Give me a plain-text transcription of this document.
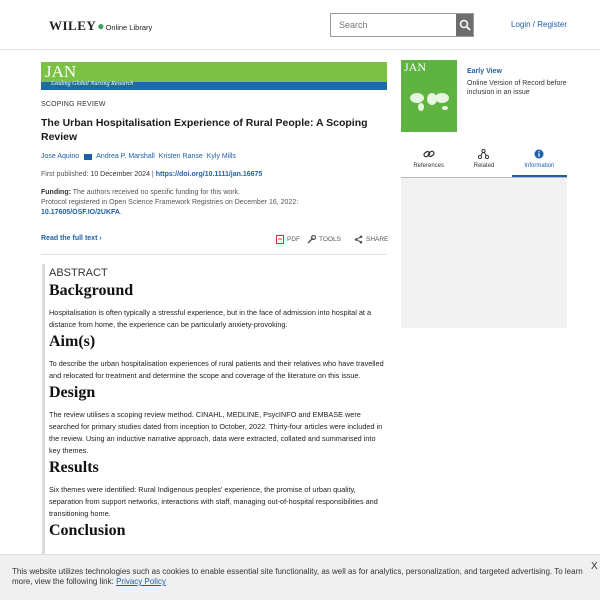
WILEY ● Online Library
Search	Login / Register
JAN
Leading Global Nursing Research
SCOPING REVIEW
The Urban Hospitalisation Experience of Rural People: A Scoping Review
Jose Aquino Andrea P. Marshall Kristen Ranse Kyly Mills
First published: 10 December 2024 | https://doi.org/10.1111/jan.16675
Funding: The authors received no specific funding for this work.
Protocol registered in Open Science Framework Registries on December 16, 2022:
10.17605/OSF.IO/2UKFA.
Read the full text ›	PDF	TOOLS	SHARE
ABSTRACT
Background

Hospitalisation is often typically a stressful experience, but in the face of admission into hospital at a distance from home, the experience can be particularly anxiety-provoking.

Aim(s)

To describe the urban hospitalisation experiences of rural patients and their relatives who have travelled and relocated for treatment and determine the scope and coverage of the literature on this issue.

Design

The review utilises a scoping review method. CINAHL, MEDLINE, PsycINFO and EMBASE were searched for primary studies dated from inception to October, 2022. Thirty-four articles were included in the review. Using an inductive narrative approach, data were extracted, collated and summarised into key themes.

Results

Six themes were identified: Rural Indigenous peoples' experience, the promise of urban quality, separation from support networks, interactions with staff, managing out-of-hospital responsibilities and transitioning home.

Conclusion
JAN	Early View
Online Version of Record before inclusion in an issue
References	Related	Information

This website utilizes technologies such as cookies to enable essential site functionality, as well as for analytics, personalization, and targeted advertising. To learn more, view the following link: Privacy Policy

X
